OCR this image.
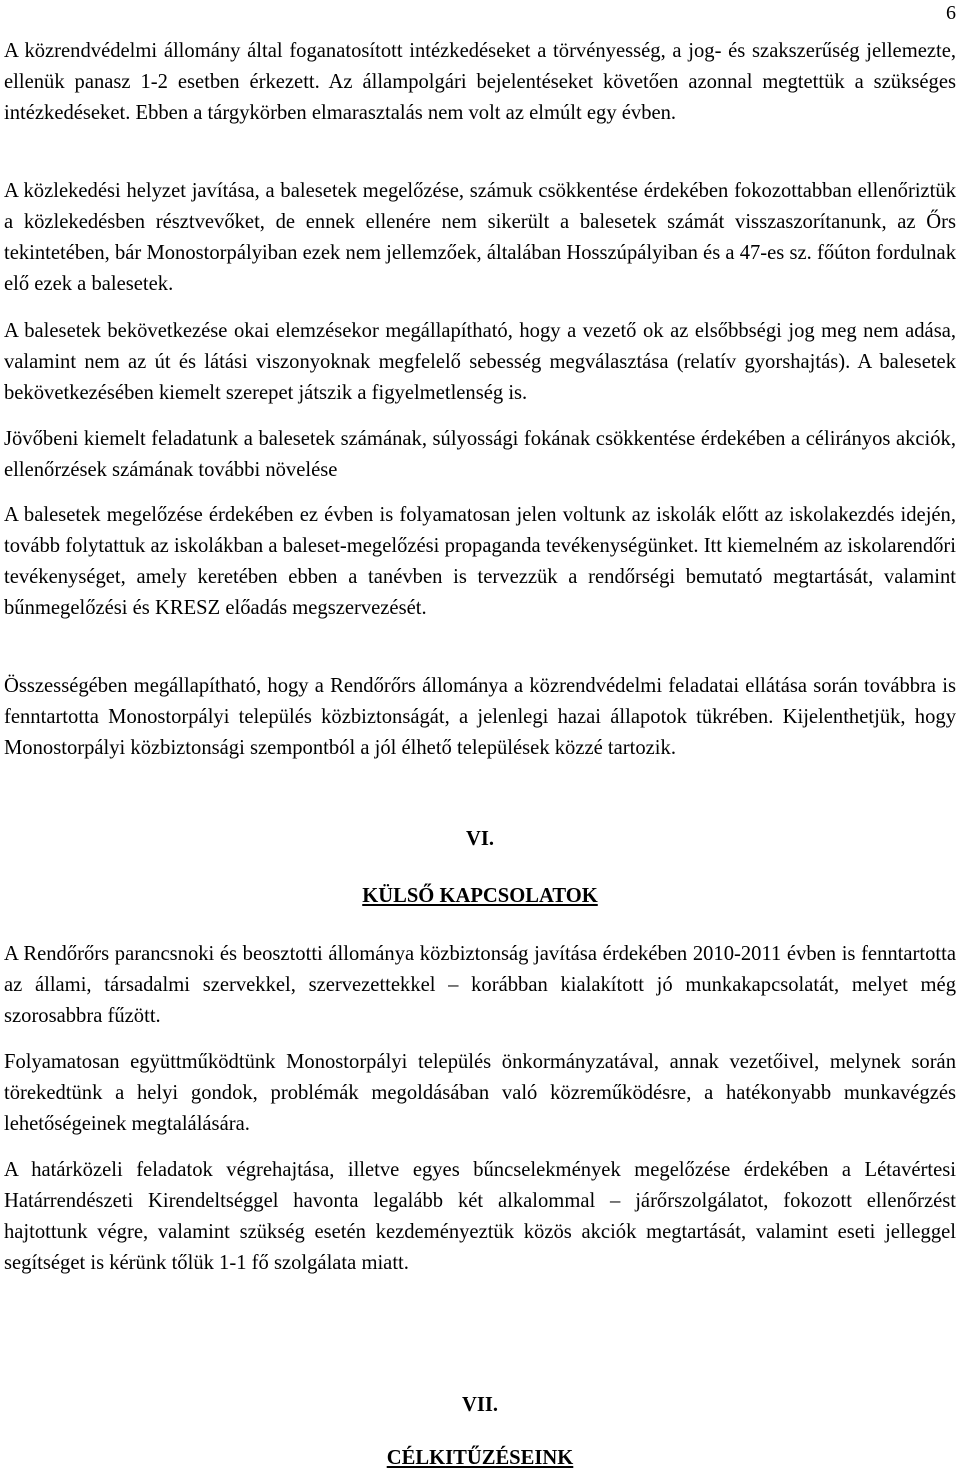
6

A közrendvédelmi állomány által foganatosított intézkedéseket a törvényesség, a jog- és szakszerűség jellemezte, ellenük panasz 1-2 esetben érkezett. Az állampolgári bejelentéseket követően azonnal megtettük a szükséges intézkedéseket. Ebben a tárgykörben elmarasztalás nem volt az elmúlt egy évben.

A közlekedési helyzet javítása, a balesetek megelőzése, számuk csökkentése érdekében fokozottabban ellenőriztük a közlekedésben résztvevőket, de ennek ellenére nem sikerült a balesetek számát visszaszorítanunk, az Őrs tekintetében, bár Monostorpályiban ezek nem jellemzőek, általában Hosszúpályiban és a 47-es sz. főúton fordulnak elő ezek a balesetek.

A balesetek bekövetkezése okai elemzésekor megállapítható, hogy a vezető ok az elsőbbségi jog meg nem adása, valamint nem az út és látási viszonyoknak megfelelő sebesség megválasztása (relatív gyorshajtás). A balesetek bekövetkezésében kiemelt szerepet játszik a figyelmetlenség is.

Jövőbeni kiemelt feladatunk a balesetek számának, súlyossági fokának csökkentése érdekében a célirányos akciók, ellenőrzések számának további növelése

A balesetek megelőzése érdekében ez évben is folyamatosan jelen voltunk az iskolák előtt az iskolakezdés idején, tovább folytattuk az iskolákban a baleset-megelőzési propaganda tevékenységünket. Itt kiemelném az iskolarendőri tevékenységet, amely keretében ebben a tanévben is tervezzük a rendőrségi bemutató megtartását, valamint bűnmegelőzési és KRESZ előadás megszervezését.

Összességében megállapítható, hogy a Rendőrőrs állománya a közrendvédelmi feladatai ellátása során továbbra is fenntartotta Monostorpályi település közbiztonságát, a jelenlegi hazai állapotok tükrében. Kijelenthetjük, hogy Monostorpályi közbiztonsági szempontból a jól élhető települések közzé tartozik.

VI.
KÜLSŐ KAPCSOLATOK

A Rendőrőrs parancsnoki és beosztotti állománya közbiztonság javítása érdekében 2010-2011 évben is fenntartotta az állami, társadalmi szervekkel, szervezettekkel – korábban kialakított jó munkakapcsolatát, melyet még szorosabbra fűzött.

Folyamatosan együttműködtünk Monostorpályi település önkormányzatával, annak vezetőivel, melynek során törekedtünk a helyi gondok, problémák megoldásában való közreműködésre, a hatékonyabb munkavégzés lehetőségeinek megtalálására.

A határközeli feladatok végrehajtása, illetve egyes bűncselekmények megelőzése érdekében a Létavértesi Határrendészeti Kirendeltséggel havonta legalább két alkalommal – járőrszolgálatot, fokozott ellenőrzést hajtottunk végre, valamint szükség esetén kezdeményeztük közös akciók megtartását, valamint eseti jelleggel segítséget is kérünk tőlük 1-1 fő szolgálata miatt.

VII.
CÉLKITŰZÉSEINK
